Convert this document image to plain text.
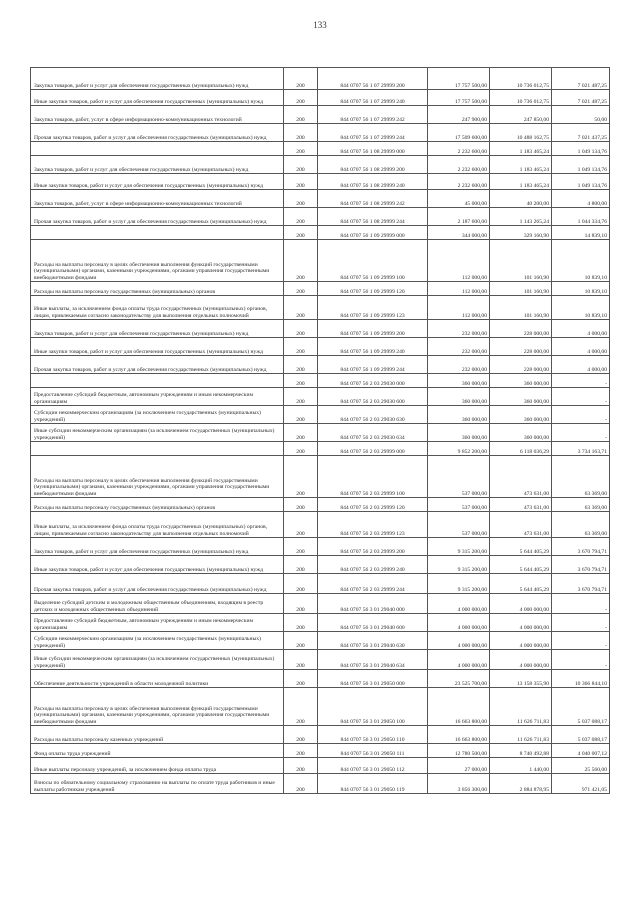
133
Закупка товаров, работ и услуг для обеспечения государственных (муниципальных) нужд	200	844 0707 56 1 07 29999 200	17 757 500,00	10 736 012,75	7 021 487,25
Иные закупки товаров, работ и услуг для обеспечения государственных (муниципальных) нужд	200	844 0707 56 1 07 29999 240	17 757 500,00	10 736 012,75	7 021 487,25
Закупка товаров, работ, услуг в сфере информационно-коммуникационных технологий	200	844 0707 56 1 07 29999 242	247 900,00	247 850,00	50,00
Прочая закупка товаров, работ и услуг для обеспечения государственных (муниципальных) нужд	200	844 0707 56 1 07 29999 244	17 509 600,00	10 488 162,75	7 021 437,25
	200	844 0707 56 1 08 29999 000	2 232 600,00	1 183 465,24	1 049 134,76
Закупка товаров, работ и услуг для обеспечения государственных (муниципальных) нужд	200	844 0707 56 1 08 29999 200	2 232 600,00	1 183 465,24	1 049 134,76
Иные закупки товаров, работ и услуг для обеспечения государственных (муниципальных) нужд	200	844 0707 56 1 08 29999 240	2 232 600,00	1 183 465,24	1 049 134,76
Закупка товаров, работ, услуг в сфере информационно-коммуникационных технологий	200	844 0707 56 1 08 29999 242	45 000,00	40 200,00	4 800,00
Прочая закупка товаров, работ и услуг для обеспечения государственных (муниципальных) нужд	200	844 0707 56 1 08 29999 244	2 187 600,00	1 143 265,24	1 044 334,76
	200	844 0707 56 1 09 29999 000	344 000,00	329 160,90	14 839,10
Расходы на выплаты персоналу в целях обеспечения выполнения функций государственными (муниципальными) органами, казенными учреждениями, органами управления государственными внебюджетными фондами	200	844 0707 56 1 09 29999 100	112 000,00	101 160,90	10 839,10
Расходы на выплаты персоналу государственных (муниципальных) органов	200	844 0707 56 1 09 29999 120	112 000,00	101 160,90	10 839,10
Иные выплаты, за исключением фонда оплаты труда государственных (муниципальных) органов, лицам, привлекаемым согласно законодательству для выполнения отдельных полномочий	200	844 0707 56 1 09 29999 123	112 000,00	101 160,90	10 839,10
Закупка товаров, работ и услуг для обеспечения государственных (муниципальных) нужд	200	844 0707 56 1 09 29999 200	232 000,00	228 000,00	4 000,00
Иные закупки товаров, работ и услуг для обеспечения государственных (муниципальных) нужд	200	844 0707 56 1 09 29999 240	232 000,00	228 000,00	4 000,00
Прочая закупка товаров, работ и услуг для обеспечения государственных (муниципальных) нужд	200	844 0707 56 1 09 29999 244	232 000,00	228 000,00	4 000,00
	200	844 0707 56 2 03 29030 000	360 000,00	360 000,00	-
Предоставление субсидий бюджетным, автономным учреждениям и иным некоммерческим организациям	200	844 0707 56 2 03 29030 600	360 000,00	360 000,00	-
Субсидии некоммерческим организациям (за исключением государственных (муниципальных) учреждений)	200	844 0707 56 2 03 29030 630	360 000,00	360 000,00	-
Иные субсидии некоммерческим организациям (за исключением государственных (муниципальных) учреждений)	200	844 0707 56 2 03 29030 634	360 000,00	360 000,00	-
	200	844 0707 56 2 03 29999 000	9 852 200,00	6 118 036,29	3 734 163,71
Расходы на выплаты персоналу в целях обеспечения выполнения функций государственными (муниципальными) органами, казенными учреждениями, органами управления государственными внебюджетными фондами	200	844 0707 56 2 03 29999 100	537 000,00	473 631,00	63 369,00
Расходы на выплаты персоналу государственных (муниципальных) органов	200	844 0707 56 2 03 29999 120	537 000,00	473 631,00	63 369,00
Иные выплаты, за исключением фонда оплаты труда государственных (муниципальных) органов, лицам, привлекаемым согласно законодательству для выполнения отдельных полномочий	200	844 0707 56 2 03 29999 123	537 000,00	473 631,00	63 369,00
Закупка товаров, работ и услуг для обеспечения государственных (муниципальных) нужд	200	844 0707 56 2 03 29999 200	9 315 200,00	5 644 405,29	3 670 794,71
Иные закупки товаров, работ и услуг для обеспечения государственных (муниципальных) нужд	200	844 0707 56 2 03 29999 240	9 315 200,00	5 644 405,29	3 670 794,71
Прочая закупка товаров, работ и услуг для обеспечения государственных (муниципальных) нужд	200	844 0707 56 2 03 29999 244	9 315 200,00	5 644 405,29	3 670 794,71
Выделение субсидий детским и молодежным общественным объединениям, входящим в реестр детских и молодежных общественных объединений	200	844 0707 56 3 01 29040 000	4 000 000,00	4 000 000,00	-
Предоставление субсидий бюджетным, автономным учреждениям и иным некоммерческим организациям	200	844 0707 56 3 01 29040 600	4 000 000,00	4 000 000,00	-
Субсидии некоммерческим организациям (за исключением государственных (муниципальных) учреждений)	200	844 0707 56 3 01 29040 630	4 000 000,00	4 000 000,00	-
Иные субсидии некоммерческим организациям (за исключением государственных (муниципальных) учреждений)	200	844 0707 56 3 01 29040 634	4 000 000,00	4 000 000,00	-
Обеспечение деятельности учреждений в области молодежной политики	200	844 0707 56 3 01 29050 000	23 525 700,00	13 158 355,90	10 366 844,10
Расходы на выплаты персоналу в целях обеспечения выполнения функций государственными (муниципальными) органами, казенными учреждениями, органами управления государственными внебюджетными фондами	200	844 0707 56 3 01 29050 100	16 663 800,00	11 626 711,83	5 037 088,17
Расходы на выплаты персоналу казенных учреждений	200	844 0707 56 3 01 29050 110	16 663 800,00	11 626 711,83	5 037 088,17
Фонд оплаты труда учреждений	200	844 0707 56 3 01 29050 111	12 780 500,00	8 740 492,88	4 040 007,12
Иные выплаты персоналу учреждений, за исключением фонда оплаты труда	200	844 0707 56 3 01 29050 112	27 000,00	1 440,00	25 560,00
Взносы по обязательному социальному страхованию на выплаты по оплате труда работников и иные выплаты работникам учреждений	200	844 0707 56 3 01 29050 119	3 856 300,00	2 884 878,95	971 421,05
